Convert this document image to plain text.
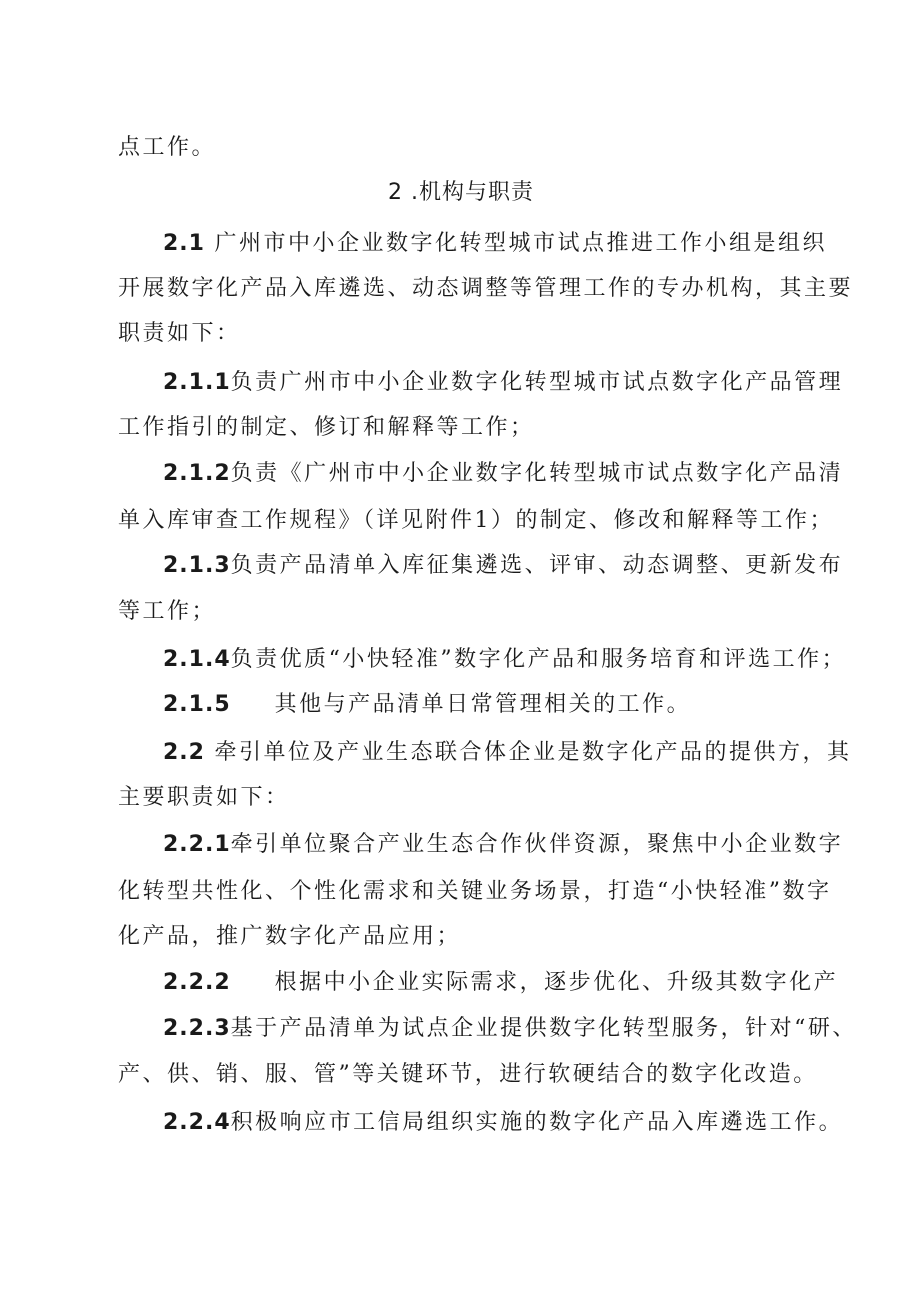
点工作。
2 .机构与职责
2.1 广州市中小企业数字化转型城市试点推进工作小组是组织
开展数字化产品入库遴选、动态调整等管理工作的专办机构，其主要
职责如下：
2.1.1负责广州市中小企业数字化转型城市试点数字化产品管理
工作指引的制定、修订和解释等工作；
2.1.2负责《广州市中小企业数字化转型城市试点数字化产品清
单入库审查工作规程》（详见附件1）的制定、修改和解释等工作；
2.1.3负责产品清单入库征集遴选、评审、动态调整、更新发布
等工作；
2.1.4负责优质“小快轻准”数字化产品和服务培育和评选工作；
2.1.5 其他与产品清单日常管理相关的工作。
2.2 牵引单位及产业生态联合体企业是数字化产品的提供方，其
主要职责如下：
2.2.1牵引单位聚合产业生态合作伙伴资源，聚焦中小企业数字
化转型共性化、个性化需求和关键业务场景，打造“小快轻准”数字
化产品，推广数字化产品应用；
2.2.2 根据中小企业实际需求，逐步优化、升级其数字化产
2.2.3基于产品清单为试点企业提供数字化转型服务，针对“研、
产、供、销、服、管”等关键环节，进行软硬结合的数字化改造。
2.2.4积极响应市工信局组织实施的数字化产品入库遴选工作。
